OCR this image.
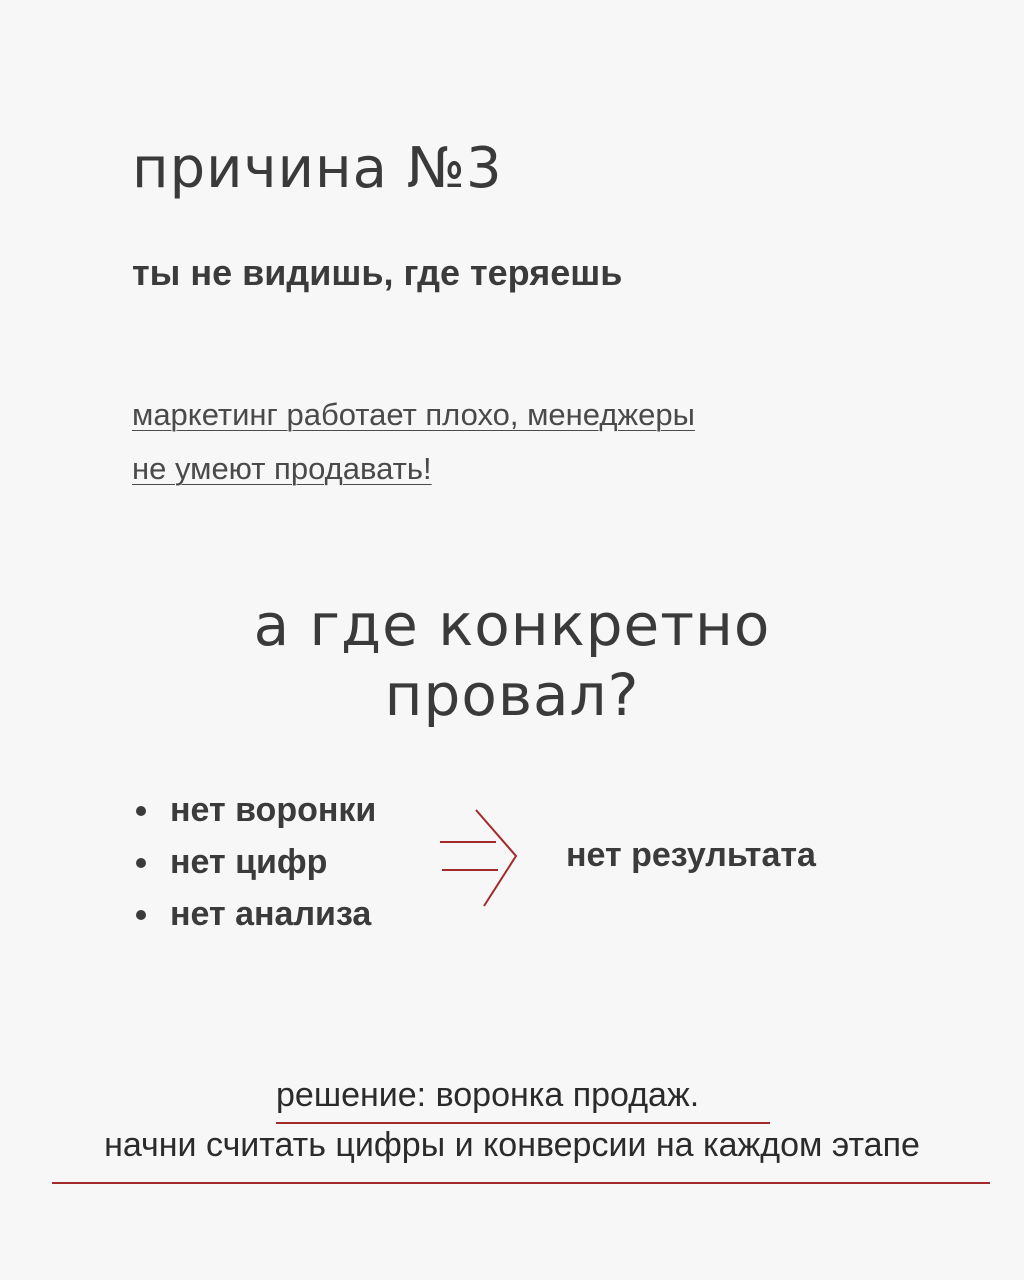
причина №3
ты не видишь, где теряешь
маркетинг работает плохо, менеджеры
не умеют продавать!
а где конкретно
провал?
нет воронки
нет цифр
нет анализа
нет результата
решение: воронка продаж.
начни считать цифры и конверсии на каждом этапе
